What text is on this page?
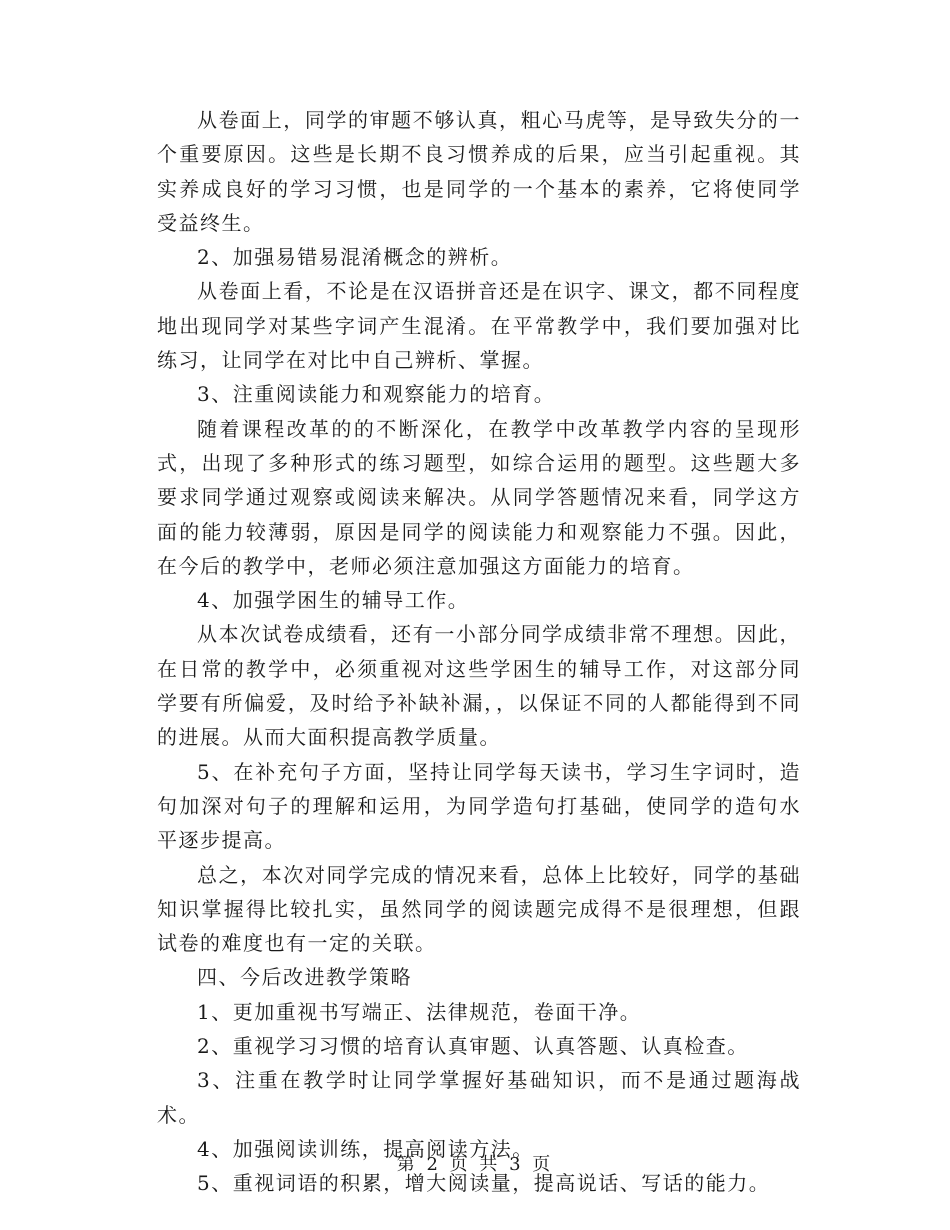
从卷面上，同学的审题不够认真，粗心马虎等，是导致失分的一个重要原因。这些是长期不良习惯养成的后果，应当引起重视。其实养成良好的学习习惯，也是同学的一个基本的素养，它将使同学受益终生。

2、加强易错易混淆概念的辨析。

从卷面上看，不论是在汉语拼音还是在识字、课文，都不同程度地出现同学对某些字词产生混淆。在平常教学中，我们要加强对比练习，让同学在对比中自己辨析、掌握。

3、注重阅读能力和观察能力的培育。

随着课程改革的的不断深化，在教学中改革教学内容的呈现形式，出现了多种形式的练习题型，如综合运用的题型。这些题大多要求同学通过观察或阅读来解决。从同学答题情况来看，同学这方面的能力较薄弱，原因是同学的阅读能力和观察能力不强。因此，在今后的教学中，老师必须注意加强这方面能力的培育。

4、加强学困生的辅导工作。

从本次试卷成绩看，还有一小部分同学成绩非常不理想。因此，在日常的教学中，必须重视对这些学困生的辅导工作，对这部分同学要有所偏爱，及时给予补缺补漏，，以保证不同的人都能得到不同的进展。从而大面积提高教学质量。

5、在补充句子方面，坚持让同学每天读书，学习生字词时，造句加深对句子的理解和运用，为同学造句打基础，使同学的造句水平逐步提高。

总之，本次对同学完成的情况来看，总体上比较好，同学的基础知识掌握得比较扎实，虽然同学的阅读题完成得不是很理想，但跟试卷的难度也有一定的关联。

四、今后改进教学策略

1、更加重视书写端正、法律规范，卷面干净。

2、重视学习习惯的培育认真审题、认真答题、认真检查。

3、注重在教学时让同学掌握好基础知识，而不是通过题海战术。

4、加强阅读训练，提高阅读方法。

5、重视词语的积累，增大阅读量，提高说话、写话的能力。

第 2 页 共 3 页
